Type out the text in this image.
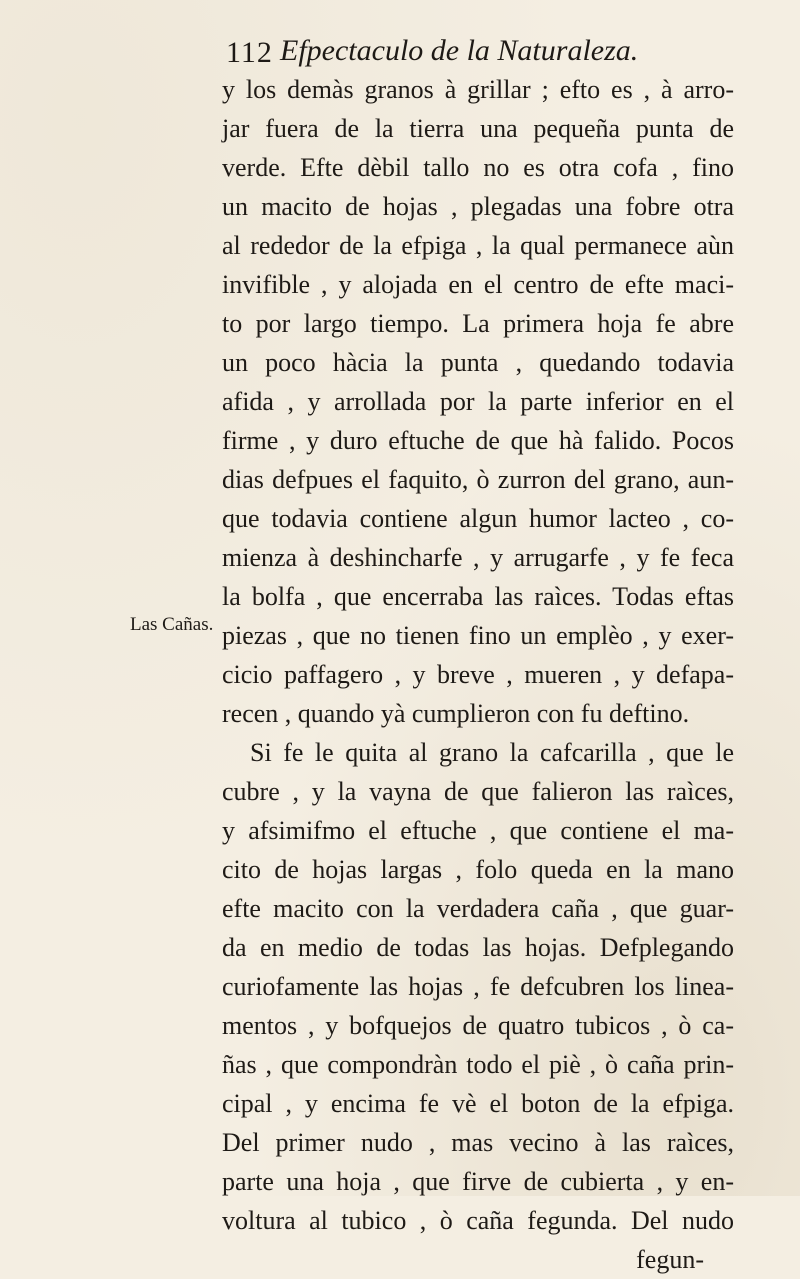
112 Efpectaculo de la Naturaleza.
Las Cañas.
y los demàs granos à grillar ; efto es , à arro-
jar fuera de la tierra una pequeña punta de
verde. Efte dèbil tallo no es otra cofa , fino
un macito de hojas , plegadas una fobre otra
al rededor de la efpiga , la qual permanece aùn
invifible , y alojada en el centro de efte maci-
to por largo tiempo. La primera hoja fe abre
un poco hàcia la punta , quedando todavia
afida , y arrollada por la parte inferior en el
firme , y duro eftuche de que hà falido. Pocos
dias defpues el faquito, ò zurron del grano, aun-
que todavia contiene algun humor lacteo , co-
mienza à deshincharfe , y arrugarfe , y fe feca
la bolfa , que encerraba las raìces. Todas eftas
piezas , que no tienen fino un emplèo , y exer-
cicio paffagero , y breve , mueren , y defapa-
recen , quando yà cumplieron con fu deftino.
Si fe le quita al grano la cafcarilla , que le
cubre , y la vayna de que falieron las raìces,
y afsimifmo el eftuche , que contiene el ma-
cito de hojas largas , folo queda en la mano
efte macito con la verdadera caña , que guar-
da en medio de todas las hojas. Defplegando
curiofamente las hojas , fe defcubren los linea-
mentos , y bofquejos de quatro tubicos , ò ca-
ñas , que compondràn todo el piè , ò caña prin-
cipal , y encima fe vè el boton de la efpiga.
Del primer nudo , mas vecino à las raìces,
parte una hoja , que firve de cubierta , y en-
voltura al tubico , ò caña fegunda. Del nudo
fegun-
